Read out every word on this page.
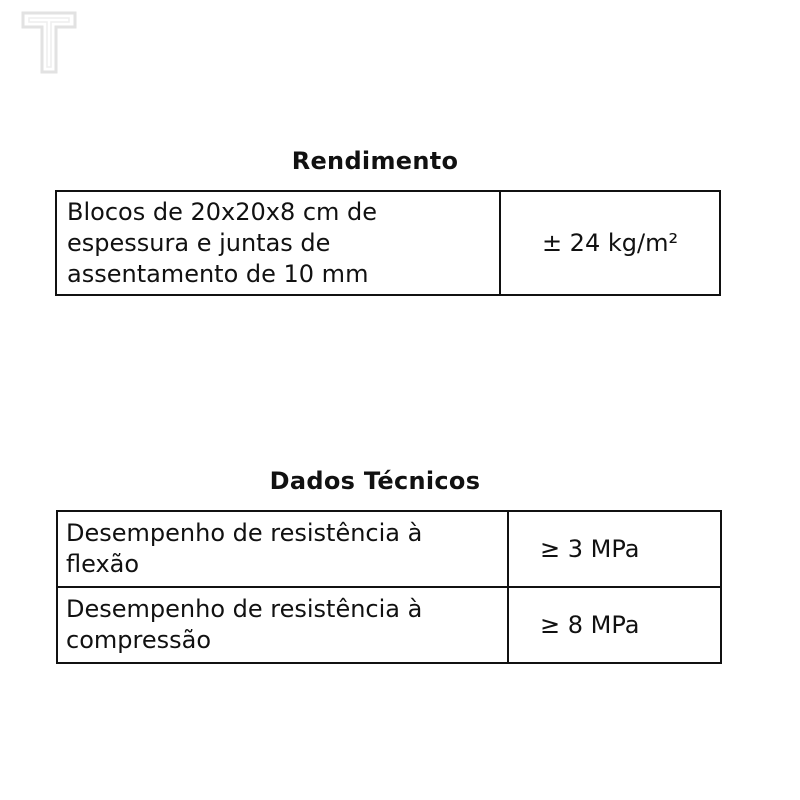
Rendimento
Blocos de 20x20x8 cm de
espessura e juntas de
assentamento de 10 mm
	± 24 kg/m²
Dados Técnicos
Desempenho de resistência à
flexão	≥ 3 MPa

Desempenho de resistência à
compressão	≥ 8 MPa
